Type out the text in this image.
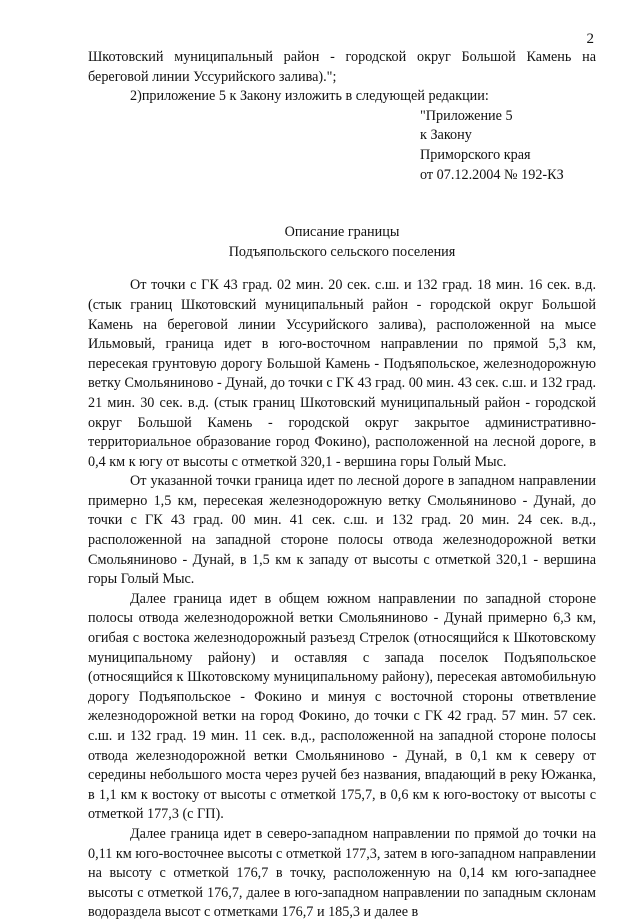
2

Шкотовский муниципальный район - городской округ Большой Камень на береговой линии Уссурийского залива).";

2)приложение 5 к Закону изложить в следующей редакции:

"Приложение 5
к Закону
Приморского края
от 07.12.2004 № 192-КЗ
Описание границы
Подъяпольского сельского поселения

От точки с ГК 43 град. 02 мин. 20 сек. с.ш. и 132 град. 18 мин. 16 сек. в.д. (стык границ Шкотовский муниципальный район - городской округ Большой Камень на береговой линии Уссурийского залива), расположенной на мысе Ильмовый, граница идет в юго-восточном направлении по прямой 5,3 км, пересекая грунтовую дорогу Большой Камень - Подъяпольское, железнодорожную ветку Смольяниново - Дунай, до точки с ГК 43 град. 00 мин. 43 сек. с.ш. и 132 град. 21 мин. 30 сек. в.д. (стык границ Шкотовский муниципальный район - городской округ Большой Камень - городской округ закрытое административно-территориальное образование город Фокино), расположенной на лесной дороге, в 0,4 км к югу от высоты с отметкой 320,1 - вершина горы Голый Мыс.

От указанной точки граница идет по лесной дороге в западном направлении примерно 1,5 км, пересекая железнодорожную ветку Смольяниново - Дунай, до точки с ГК 43 град. 00 мин. 41 сек. с.ш. и 132 град. 20 мин. 24 сек. в.д., расположенной на западной стороне полосы отвода железнодорожной ветки Смольяниново - Дунай, в 1,5 км к западу от высоты с отметкой 320,1 - вершина горы Голый Мыс.

Далее граница идет в общем южном направлении по западной стороне полосы отвода железнодорожной ветки Смольяниново - Дунай примерно 6,3 км, огибая с востока железнодорожный разъезд Стрелок (относящийся к Шкотовскому муниципальному району) и оставляя с запада поселок Подъяпольское (относящийся к Шкотовскому муниципальному району), пересекая автомобильную дорогу Подъяпольское - Фокино и минуя с восточной стороны ответвление железнодорожной ветки на город Фокино, до точки с ГК 42 град. 57 мин. 57 сек. с.ш. и 132 град. 19 мин. 11 сек. в.д., расположенной на западной стороне полосы отвода железнодорожной ветки Смольяниново - Дунай, в 0,1 км к северу от середины небольшого моста через ручей без названия, впадающий в реку Южанка, в 1,1 км к востоку от высоты с отметкой 175,7, в 0,6 км к юго-востоку от высоты с отметкой 177,3 (с ГП).

Далее граница идет в северо-западном направлении по прямой до точки на 0,11 км юго-восточнее высоты с отметкой 177,3, затем в юго-западном направлении на высоту с отметкой 176,7 в точку, расположенную на 0,14 км юго-западнее высоты с отметкой 176,7, далее в юго-западном направлении по западным склонам водораздела высот с отметками 176,7 и 185,3 и далее в
